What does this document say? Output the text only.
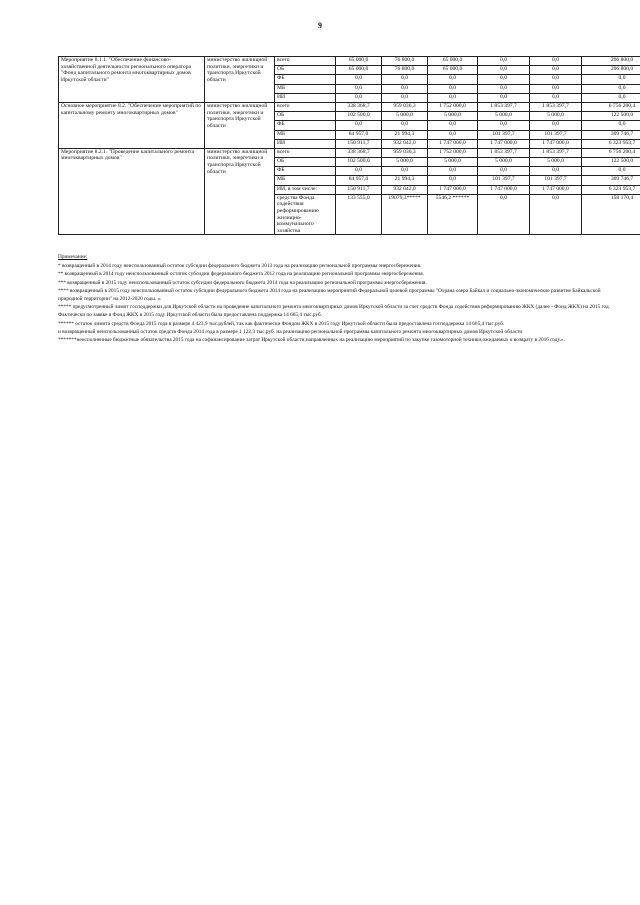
9
Мероприятие 8.1.1. "Обеспечение финансово-хозяйственной деятельности регионального оператора "Фонд капитального ремонта многоквартирных домов Иркутской области"	министерство жилищной политики, энергетики и транспорта Иркутской области	всего	65 000,0	76 800,0	65 000,0	0,0	0,0	206 800,0
		ОБ	65 000,0	76 800,0	65 000,0	0,0	0,0	206 800,0
		ФБ	0,0	0,0	0,0	0,0	0,0	0,0
		МБ	0,0	0,0	0,0	0,0	0,0	0,0
		ИИ	0,0	0,0	0,0	0,0	0,0	0,0
Основное мероприятие 8.2. "Обеспечение мероприятий по капитальному ремонту многоквартирных домов"	министерство жилищной политики, энергетики и транспорта Иркутской области	всего	338 368,7	959 036,3	1 752 000,0	1 853 397,7	1 853 397,7	6 756 200,4
		ОБ	102 500,0	5 000,0	5 000,0	5 000,0	5 000,0	122 500,0
		ФБ	0,0	0,0	0,0	0,0	0,0	0,0
		МБ	84 957,0	21 994,3	0,0	101 397,7	101 397,7	309 746,7
		ИИ	150 911,7	932 042,0	1 747 000,0	1 747 000,0	1 747 000,0	6 323 953,7
Мероприятие 8.2.1. "Проведение капитального ремонта многоквартирных домов"	министерство жилищной политики, энергетики и транспорта Иркутской области	всего	338 368,7	959 036,3	1 752 000,0	1 853 397,7	1 853 397,7	6 756 200,4
		ОБ	102 500,0	5 000,0	5 000,0	5 000,0	5 000,0	122 500,0
		ФБ	0,0	0,0	0,0	0,0	0,0	0,0
		МБ	84 957,0	21 994,3	0,0	101 397,7	101 397,7	309 746,7
		ИИ, в том числе:	150 911,7	932 042,0	1 747 000,0	1 747 000,0	1 747 000,0	6 323 953,7
		средства Фонда содействия реформированию жилищно-коммунального хозяйства	133 555,0	19079,3*****	5546,2 ******	0,0	0,0	158 170,4

Примечание:

* возвращенный в 2014 году неиспользованный остаток субсидии федерального бюджета 2013 года на реализацию региональной программы энергосбережения.

** возвращенный в 2014 году неиспользованный остаток субсидии федерального бюджета 2012 года на реализацию региональной программы энергосбережения.

*** возвращенный в 2015 году неиспользованный остаток субсидии федерального бюджета 2014 года на реализацию региональной программы энергосбережения.

**** возвращенный в 2015 году неиспользованный остаток субсидии федерального бюджета 2014 года на реализацию мероприятий Федеральной целевой программы "Охрана озера Байкал и социально-экономическое развитие Байкальской природной территории" на 2012-2020 годы. ».

***** предусмотренный лимит господдержки для Иркутской области на проведение капитального ремонта многоквартирных домов Иркутской области за счет средств Фонда содействия реформированию ЖКХ (далее - Фонд ЖКХ) на 2015 год. Фактически по заявке в Фонд ЖКХ в 2015 году Иркутской области была предоставлена поддержка 14 665,4 тыс.руб.

****** остаток лимита средств Фонда 2015 года в размере 4 423,9 тыс.рублей, так как фактически Фондом ЖКХ в 2015 году Иркутской области была предоставлена господдержка 14 665,4 тыс.руб.

и возвращенный неиспользованный остаток средств Фонда 2014 года в размере 1 122,3 тыс.руб. на реализацию региональной программы капитального ремонта многоквартирных домов Иркутской области

*******неисполненные бюджетные обязательства 2015 года на софинансирование затрат Иркутской области,направленных на реализацию мероприятий по закупке газомоторной техники,ожидаемых к возврату в 2016 году.».
